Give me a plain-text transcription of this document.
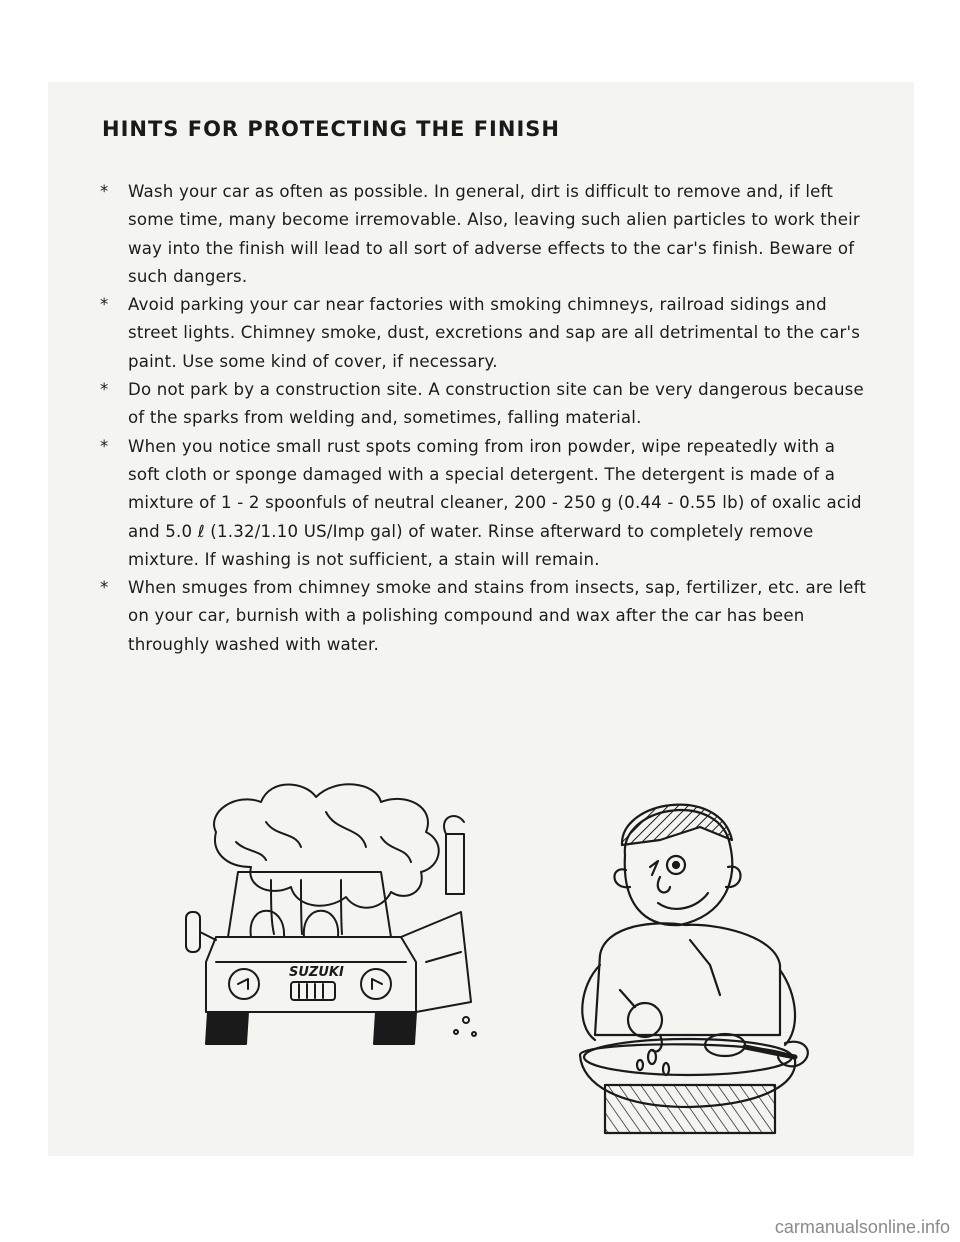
HINTS FOR PROTECTING THE FINISH
* Wash your car as often as possible. In general, dirt is difficult to remove and, if left some time, many become irremovable. Also, leaving such alien particles to work their way into the finish will lead to all sort of adverse effects to the car's finish. Beware of such dangers.
* Avoid parking your car near factories with smoking chimneys, railroad sidings and street lights. Chimney smoke, dust, excretions and sap are all detrimental to the car's paint. Use some kind of cover, if necessary.
* Do not park by a construction site. A construction site can be very dangerous because of the sparks from welding and, sometimes, falling material.
* When you notice small rust spots coming from iron powder, wipe repeatedly with a soft cloth or sponge damaged with a special detergent. The detergent is made of a mixture of 1 - 2 spoonfuls of neutral cleaner, 200 - 250 g (0.44 - 0.55 lb) of oxalic acid and 5.0 ℓ (1.32/1.10 US/Imp gal) of water. Rinse afterward to completely remove mixture. If washing is not sufficient, a stain will remain.
* When smuges from chimney smoke and stains from insects, sap, fertilizer, etc. are left on your car, burnish with a polishing compound and wax after the car has been throughly washed with water.
SUZUKI
carmanualsonline.info
